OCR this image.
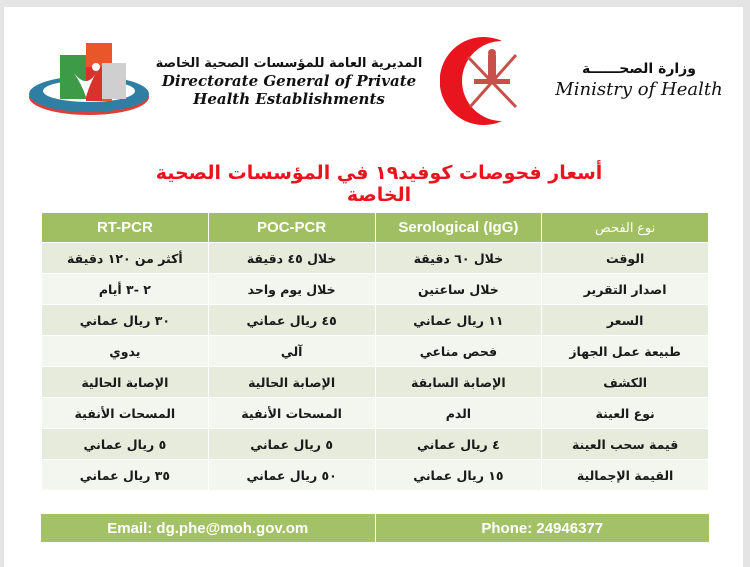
المديرية العامة للمؤسسات الصحية الخاصة
Directorate General of Private
Health Establishments
وزارة الصحــــــة
Ministry of Health
أسعار فحوصات كوفيد١٩ في المؤسسات الصحية الخاصة
RT-PCR	POC-PCR	Serological (IgG)	نوع الفحص
أكثر من ١٢٠ دقيقة	خلال ٤٥ دقيقة	خلال ٦٠ دقيقة	الوقت
٢ -٣ أيام	خلال يوم واحد	خلال ساعتين	اصدار التقرير
٣٠ ريال عماني	٤٥ ريال عماني	١١ ريال عماني	السعر
يدوي	آلي	فحص مناعي	طبيعة عمل الجهاز
الإصابة الحالية	الإصابة الحالية	الإصابة السابقة	الكشف
المسحات الأنفية	المسحات الأنفية	الدم	نوع العينة
٥ ريال عماني	٥ ريال عماني	٤ ريال عماني	قيمة سحب العينة
٣٥ ريال عماني	٥٠ ريال عماني	١٥ ريال عماني	القيمة الإجمالية
Email: dg.phe@moh.gov.om	Phone: 24946377
